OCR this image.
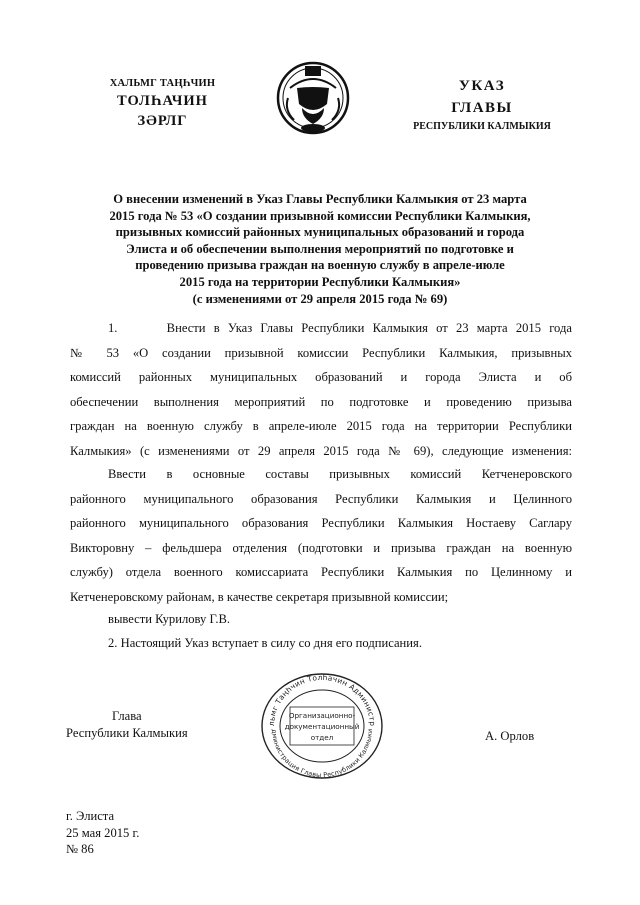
ХАЛЬМГ ТАҢҺЧИН
ТОЛҺАЧИН
ЗӘРЛГ
УКАЗ
ГЛАВЫ
РЕСПУБЛИКИ КАЛМЫКИЯ
О внесении изменений в Указ Главы Республики Калмыкия от 23 марта
2015 года № 53 «О создании призывной комиссии Республики Калмыкия,
призывных комиссий районных муниципальных образований и города
Элиста и об обеспечении выполнения мероприятий по подготовке и
проведению призыва граждан на военную службу в апреле-июле
2015 года на территории Республики Калмыкия»
(с изменениями от 29 апреля 2015 года № 69)
1.      Внести в Указ Главы Республики Калмыкия от 23 марта 2015 года
№ 53 «О создании призывной комиссии Республики Калмыкия, призывных
комиссий районных муниципальных образований и города Элиста и об
обеспечении выполнения мероприятий по подготовке и проведению призыва
граждан на военную службу в апреле-июле 2015 года на территории Республики
Калмыкия» (с изменениями от 29 апреля 2015 года № 69), следующие изменения:
Ввести в основные составы призывных комиссий Кетченеровского
районного муниципального образования Республики Калмыкия и Целинного
районного муниципального образования Республики Калмыкия Ностаеву Саглару
Викторовну – фельдшера отделения (подготовки и призыва граждан на военную
службу) отдела военного комиссариата Республики Калмыкия по Целинному и
Кетченеровскому районам, в качестве секретаря призывной комиссии;
вывести Курилову Г.В.
2. Настоящий Указ вступает в силу со дня его подписания.
Глава
Республики Калмыкия
льмг Таңһчин Толһачин Администр
дминистрация Главы Республики Калмыки
Организационно-
документационный
отдел	А. Орлов
г. Элиста
25 мая 2015 г.
№ 86
